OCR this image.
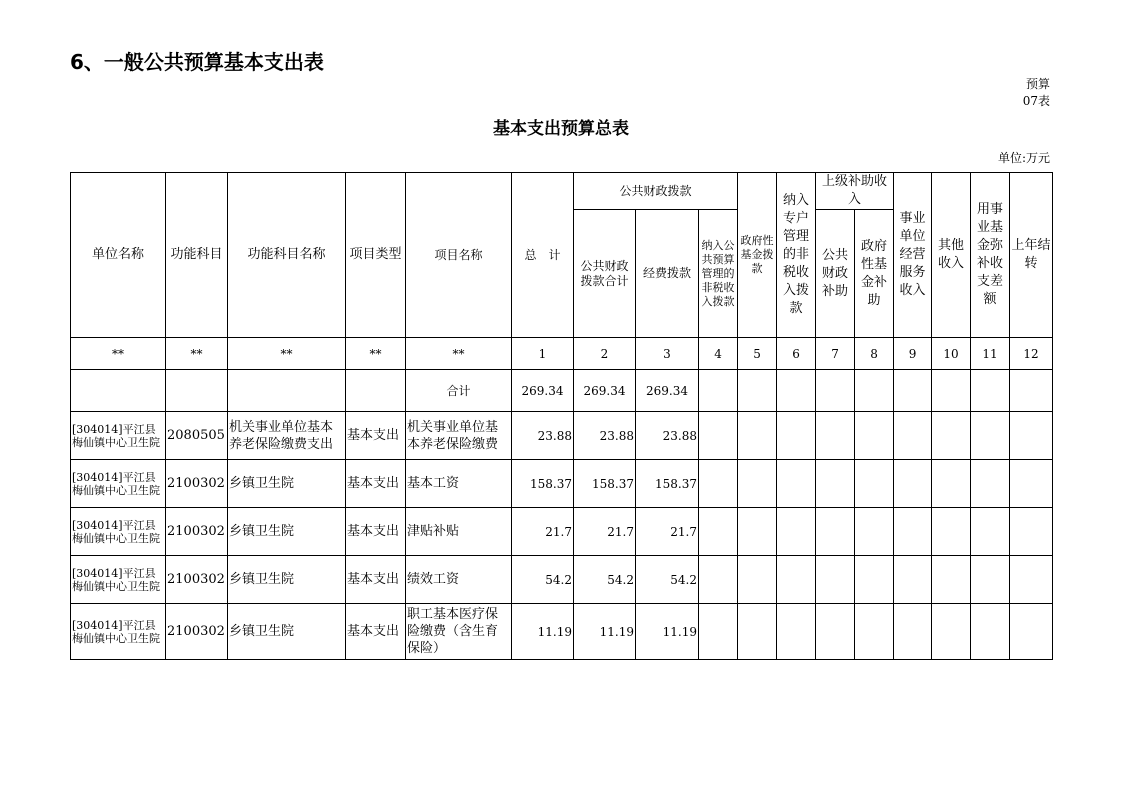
6、一般公共预算基本支出表
预算
07表
基本支出预算总表
单位:万元
单位名称	功能科目	功能科目名称	项目类型	项目名称	总　计	公共财政拨款			政府性基金拨款	纳入专户管理的非税收入拨款	上级补助收入		事业单位经营服务收入	其他收入	用事业基金弥补收支差额	上年结转
						公共财政拨款合计	经费拨款	纳入公共预算管理的非税收入拨款			公共财政补助	政府性基金补助				
**	**	**	**	**	1	2	3	4	5	6	7	8	9	10	11	12
				合计	269.34	269.34	269.34									
[304014]平江县梅仙镇中心卫生院	2080505	机关事业单位基本养老保险缴费支出	基本支出	机关事业单位基本养老保险缴费	23.88	23.88	23.88									
[304014]平江县梅仙镇中心卫生院	2100302	乡镇卫生院	基本支出	基本工资	158.37	158.37	158.37									
[304014]平江县梅仙镇中心卫生院	2100302	乡镇卫生院	基本支出	津贴补贴	21.7	21.7	21.7									
[304014]平江县梅仙镇中心卫生院	2100302	乡镇卫生院	基本支出	绩效工资	54.2	54.2	54.2									
[304014]平江县梅仙镇中心卫生院	2100302	乡镇卫生院	基本支出	职工基本医疗保险缴费（含生育保险）	11.19	11.19	11.19									
